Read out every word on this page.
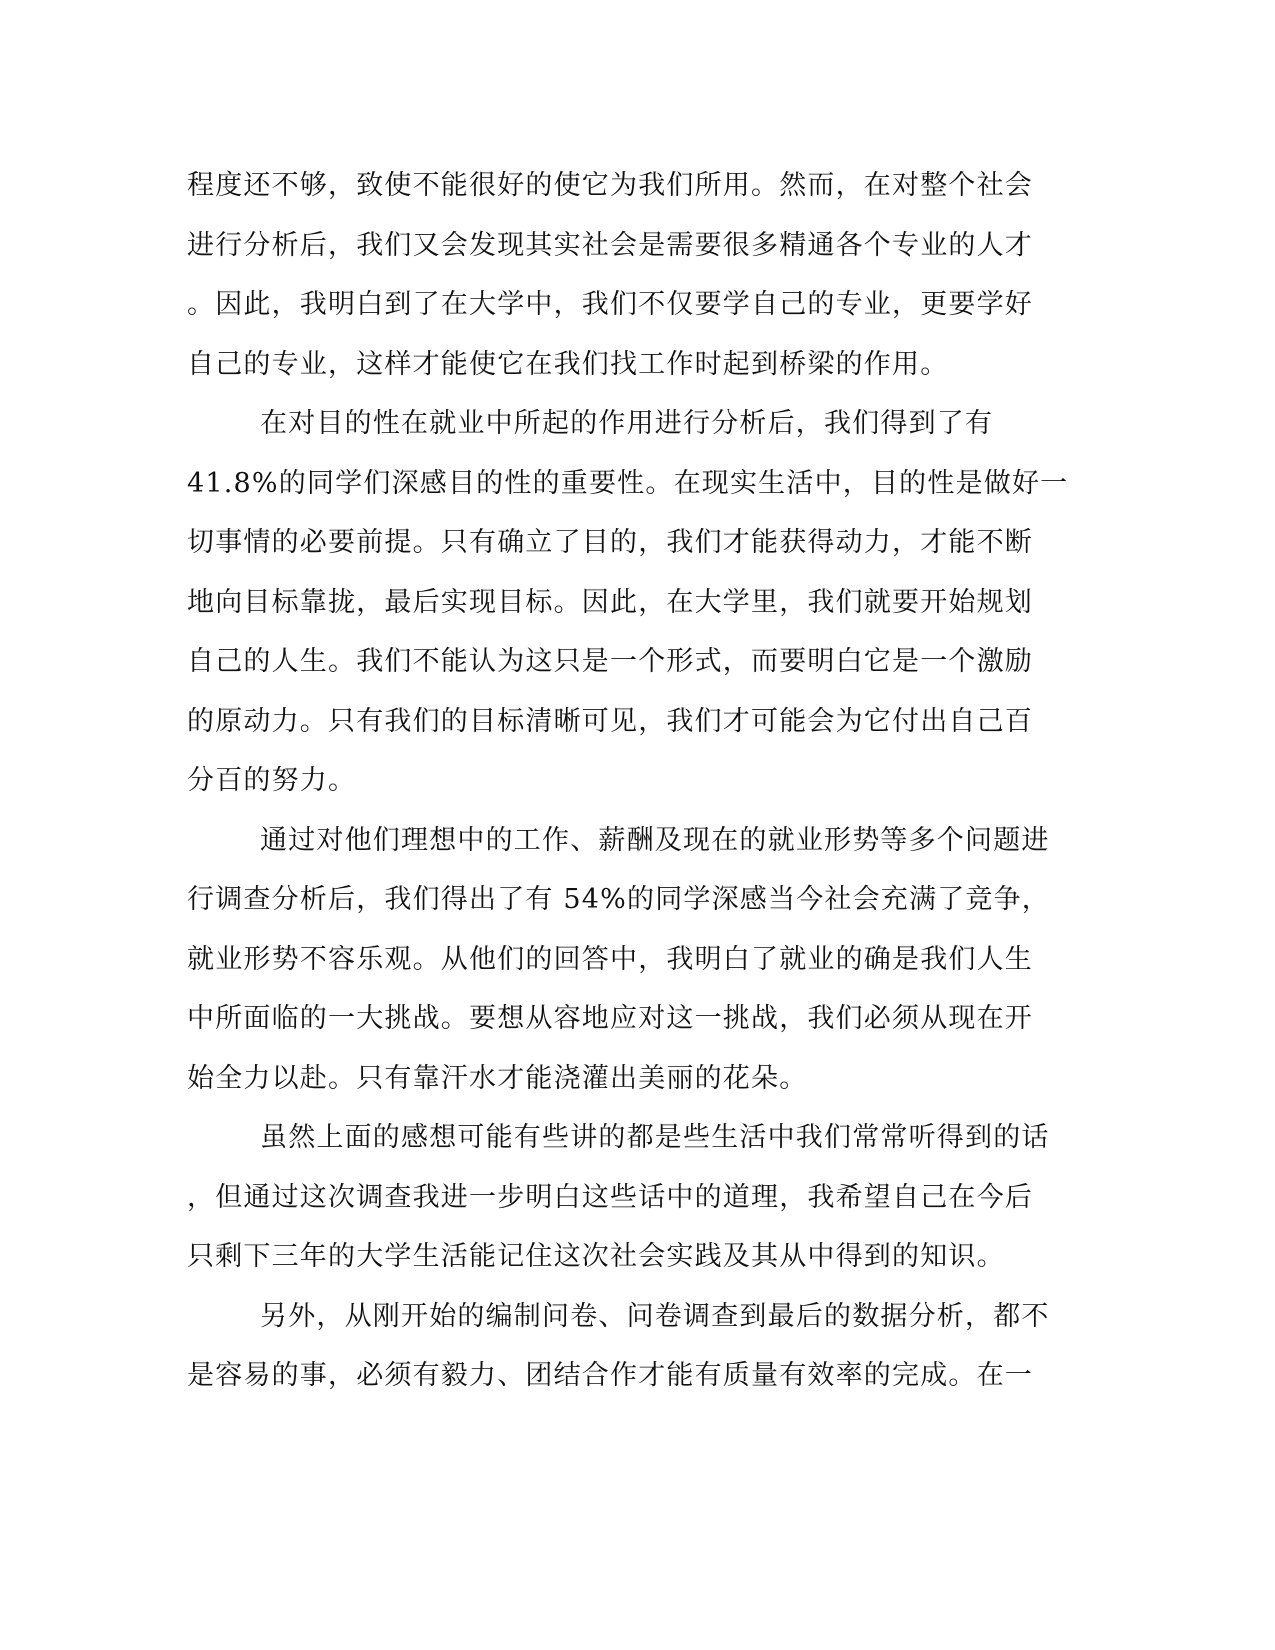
程度还不够，致使不能很好的使它为我们所用。然而，在对整个社会
进行分析后，我们又会发现其实社会是需要很多精通各个专业的人才
。因此，我明白到了在大学中，我们不仅要学自己的专业，更要学好
自己的专业，这样才能使它在我们找工作时起到桥梁的作用。
在对目的性在就业中所起的作用进行分析后，我们得到了有
41.8%的同学们深感目的性的重要性。在现实生活中，目的性是做好一
切事情的必要前提。只有确立了目的，我们才能获得动力，才能不断
地向目标靠拢，最后实现目标。因此，在大学里，我们就要开始规划
自己的人生。我们不能认为这只是一个形式，而要明白它是一个激励
的原动力。只有我们的目标清晰可见，我们才可能会为它付出自己百
分百的努力。
通过对他们理想中的工作、薪酬及现在的就业形势等多个问题进
行调查分析后，我们得出了有 54%的同学深感当今社会充满了竞争，
就业形势不容乐观。从他们的回答中，我明白了就业的确是我们人生
中所面临的一大挑战。要想从容地应对这一挑战，我们必须从现在开
始全力以赴。只有靠汗水才能浇灌出美丽的花朵。
虽然上面的感想可能有些讲的都是些生活中我们常常听得到的话
，但通过这次调查我进一步明白这些话中的道理，我希望自己在今后
只剩下三年的大学生活能记住这次社会实践及其从中得到的知识。
另外，从刚开始的编制问卷、问卷调查到最后的数据分析，都不
是容易的事，必须有毅力、团结合作才能有质量有效率的完成。在一
